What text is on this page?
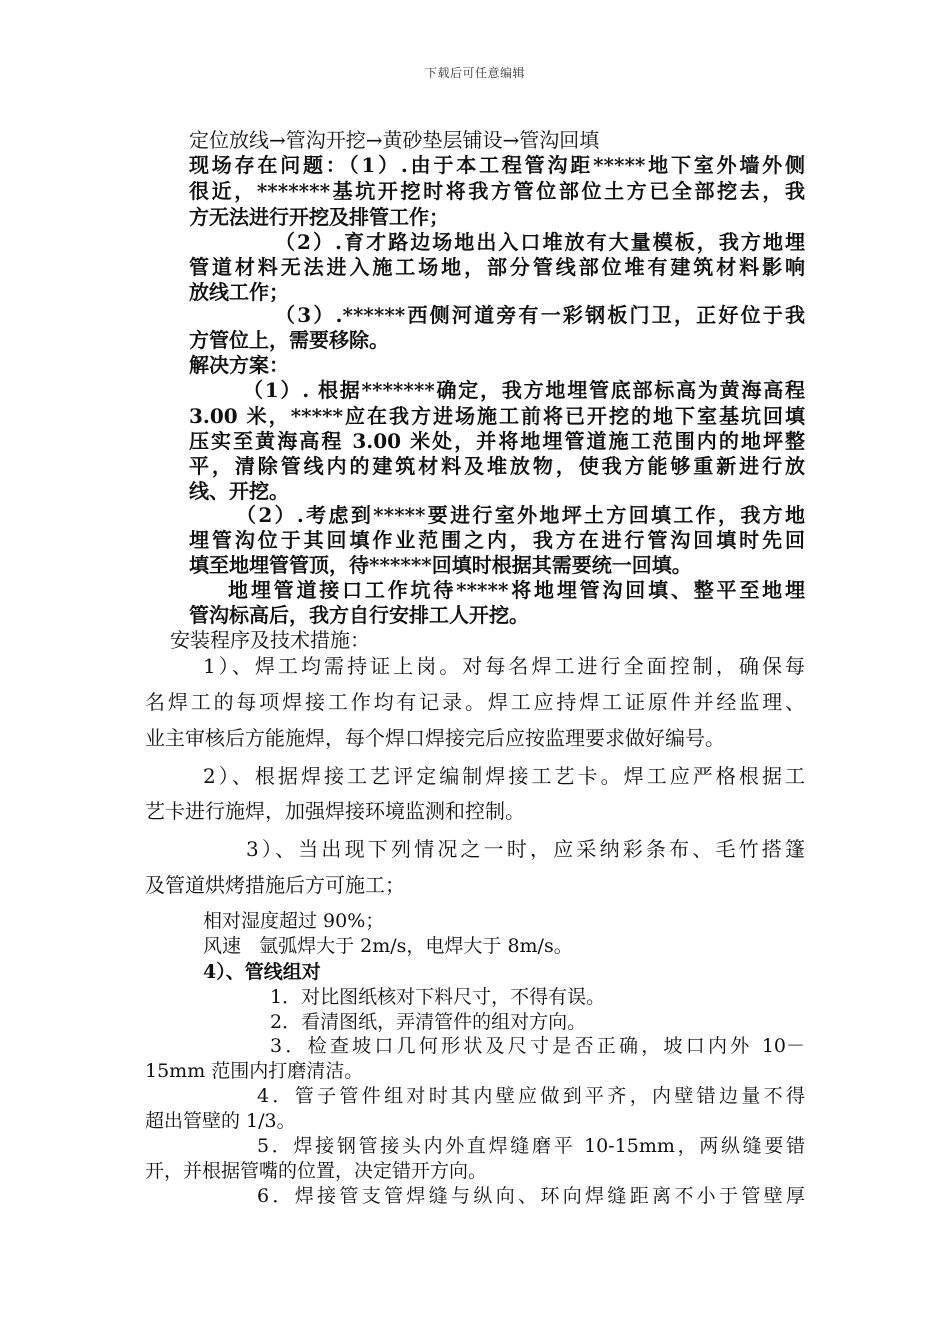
下载后可任意编辑
定位放线→管沟开挖→黄砂垫层铺设→管沟回填
现场存在问题：（1）.由于本工程管沟距*****地下室外墙外侧
很近，*******基坑开挖时将我方管位部位土方已全部挖去，我
方无法进行开挖及排管工作；
（2）.育才路边场地出入口堆放有大量模板，我方地埋
管道材料无法进入施工场地，部分管线部位堆有建筑材料影响
放线工作；
（3）.******西侧河道旁有一彩钢板门卫，正好位于我
方管位上，需要移除。
解决方案：
（1）. 根据*******确定，我方地埋管底部标高为黄海高程
3.00 米，*****应在我方进场施工前将已开挖的地下室基坑回填
压实至黄海高程 3.00 米处，并将地埋管道施工范围内的地坪整
平，清除管线内的建筑材料及堆放物，使我方能够重新进行放
线、开挖。
（2）.考虑到*****要进行室外地坪土方回填工作，我方地
埋管沟位于其回填作业范围之内，我方在进行管沟回填时先回
填至地埋管管顶，待******回填时根据其需要统一回填。
地埋管道接口工作坑待*****将地埋管沟回填、整平至地埋
管沟标高后，我方自行安排工人开挖。
安装程序及技术措施：
1）、焊工均需持证上岗。对每名焊工进行全面控制，确保每
名焊工的每项焊接工作均有记录。焊工应持焊工证原件并经监理、
业主审核后方能施焊，每个焊口焊接完后应按监理要求做好编号。
2）、根据焊接工艺评定编制焊接工艺卡。焊工应严格根据工
艺卡进行施焊，加强焊接环境监测和控制。
3）、当出现下列情况之一时，应采纳彩条布、毛竹搭篷
及管道烘烤措施后方可施工；
相对湿度超过 90%；
风速   氩弧焊大于 2m/s，电焊大于 8m/s。
4）、管线组对
1．对比图纸核对下料尺寸，不得有误。
2．看清图纸，弄清管件的组对方向。
3．检查坡口几何形状及尺寸是否正确，坡口内外 10－
15mm 范围内打磨清洁。
4．管子管件组对时其内壁应做到平齐，内壁错边量不得
超出管壁的 1/3。
5．焊接钢管接头内外直焊缝磨平 10-15mm，两纵缝要错
开，并根据管嘴的位置，决定错开方向。
6．焊接管支管焊缝与纵向、环向焊缝距离不小于管壁厚
